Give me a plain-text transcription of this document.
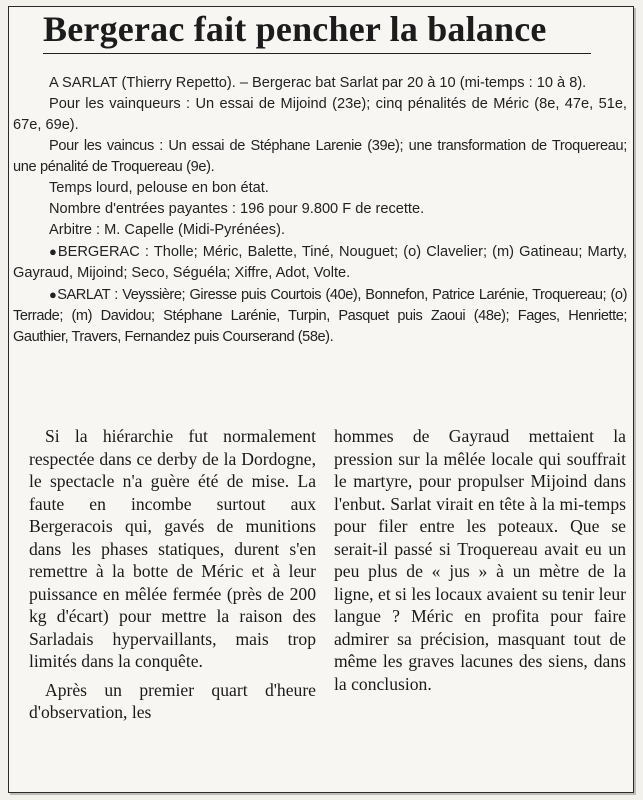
Bergerac fait pencher la balance

A SARLAT (Thierry Repetto). – Bergerac bat Sarlat par 20 à 10 (mi-temps : 10 à 8).

Pour les vainqueurs : Un essai de Mijoind (23e); cinq pénalités de Méric (8e, 47e, 51e, 67e, 69e).

Pour les vaincus : Un essai de Stéphane Larenie (39e); une transformation de Troquereau; une pénalité de Troquereau (9e).

Temps lourd, pelouse en bon état.

Nombre d'entrées payantes : 196 pour 9.800 F de recette.

Arbitre : M. Capelle (Midi-Pyrénées).

●BERGERAC : Tholle; Méric, Balette, Tiné, Nouguet; (o) Clavelier; (m) Gatineau; Marty, Gayraud, Mijoind; Seco, Séguéla; Xiffre, Adot, Volte.

●SARLAT : Veyssière; Giresse puis Courtois (40e), Bonnefon, Patrice Larénie, Troquereau; (o) Terrade; (m) Davidou; Stéphane Larénie, Turpin, Pasquet puis Zaoui (48e); Fages, Henriette; Gauthier, Travers, Fernandez puis Courserand (58e).

Si la hiérarchie fut normalement respectée dans ce derby de la Dordogne, le spectacle n'a guère été de mise. La faute en incombe surtout aux Bergeracois qui, gavés de munitions dans les phases statiques, durent s'en remettre à la botte de Méric et à leur puissance en mêlée fermée (près de 200 kg d'écart) pour mettre la raison des Sarladais hypervaillants, mais trop limités dans la conquête.

Après un premier quart d'heure d'observation, les

hommes de Gayraud mettaient la pression sur la mêlée locale qui souffrait le martyre, pour propulser Mijoind dans l'enbut. Sarlat virait en tête à la mi-temps pour filer entre les poteaux. Que se serait-il passé si Troquereau avait eu un peu plus de « jus » à un mètre de la ligne, et si les locaux avaient su tenir leur langue ? Méric en profita pour faire admirer sa précision, masquant tout de même les graves lacunes des siens, dans la conclusion.
